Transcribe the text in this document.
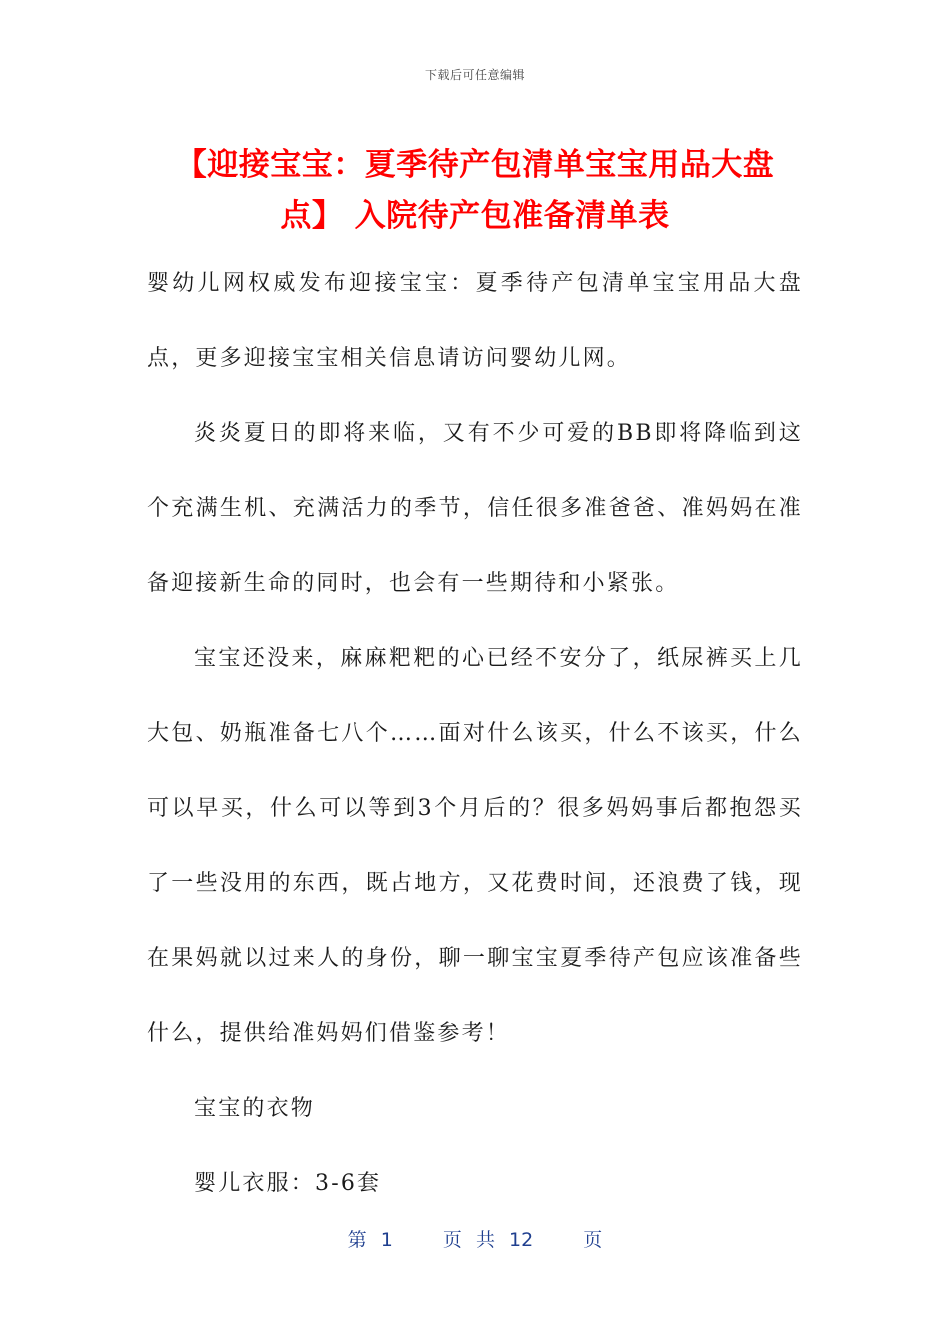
下载后可任意编辑
【迎接宝宝：夏季待产包清单宝宝用品大盘
点】 入院待产包准备清单表

婴幼儿网权威发布迎接宝宝：夏季待产包清单宝宝用品大盘点，更多迎接宝宝相关信息请访问婴幼儿网。

炎炎夏日的即将来临，又有不少可爱的BB即将降临到这个充满生机、充满活力的季节，信任很多准爸爸、准妈妈在准备迎接新生命的同时，也会有一些期待和小紧张。

宝宝还没来，麻麻粑粑的心已经不安分了，纸尿裤买上几大包、奶瓶准备七八个……面对什么该买，什么不该买，什么可以早买，什么可以等到3个月后的？很多妈妈事后都抱怨买了一些没用的东西，既占地方，又花费时间，还浪费了钱，现在果妈就以过来人的身份，聊一聊宝宝夏季待产包应该准备些什么，提供给准妈妈们借鉴参考！

宝宝的衣物

婴儿衣服：3-6套

第 1	页 共 12	页
